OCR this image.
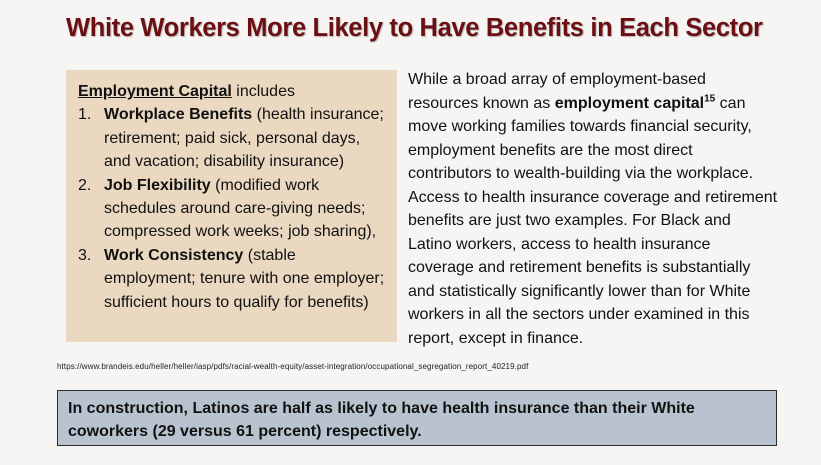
White Workers More Likely to Have Benefits in Each Sector

Employment Capital includes

1. Workplace Benefits (health insurance; retirement; paid sick, personal days, and vacation; disability insurance)
2. Job Flexibility (modified work schedules around care-giving needs; compressed work weeks; job sharing),
3. Work Consistency (stable employment; tenure with one employer; sufficient hours to qualify for benefits)

While a broad array of employment-based resources known as employment capital$^{15}$ can move working families towards financial security, employment benefits are the most direct contributors to wealth-building via the workplace. Access to health insurance coverage and retirement benefits are just two examples. For Black and Latino workers, access to health insurance coverage and retirement benefits is substantially and statistically significantly lower than for White workers in all the sectors under examined in this report, except in finance.

https://www.brandeis.edu/heller/heller/iasp/pdfs/racial-wealth-equity/asset-integration/occupational_segregation_report_40219.pdf

In construction, Latinos are half as likely to have health insurance than their White coworkers (29 versus 61 percent) respectively.
